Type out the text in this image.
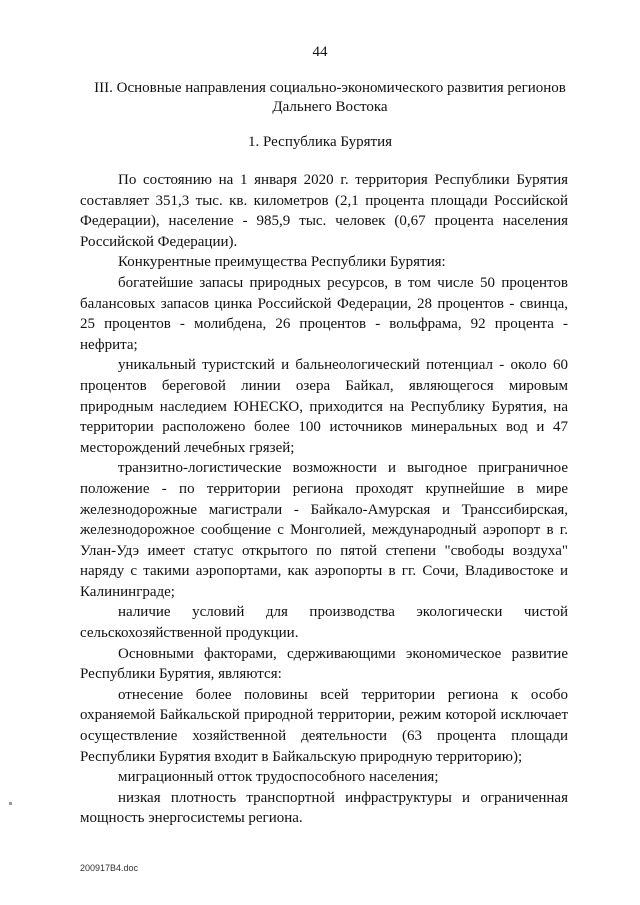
44
III. Основные направления социально-экономического развития регионов Дальнего Востока
1. Республика Бурятия

По состоянию на 1 января 2020 г. территория Республики Бурятия составляет 351,3 тыс. кв. километров (2,1 процента площади Российской Федерации), население - 985,9 тыс. человек (0,67 процента населения Российской Федерации).

Конкурентные преимущества Республики Бурятия:

богатейшие запасы природных ресурсов, в том числе 50 процентов балансовых запасов цинка Российской Федерации, 28 процентов - свинца, 25 процентов - молибдена, 26 процентов - вольфрама, 92 процента - нефрита;

уникальный туристский и бальнеологический потенциал - около 60 процентов береговой линии озера Байкал, являющегося мировым природным наследием ЮНЕСКО, приходится на Республику Бурятия, на территории расположено более 100 источников минеральных вод и 47 месторождений лечебных грязей;

транзитно-логистические возможности и выгодное приграничное положение - по территории региона проходят крупнейшие в мире железнодорожные магистрали - Байкало-Амурская и Транссибирская, железнодорожное сообщение с Монголией, международный аэропорт в г. Улан-Удэ имеет статус открытого по пятой степени "свободы воздуха" наряду с такими аэропортами, как аэропорты в гг. Сочи, Владивостоке и Калининграде;

наличие условий для производства экологически чистой сельскохозяйственной продукции.

Основными факторами, сдерживающими экономическое развитие Республики Бурятия, являются:

отнесение более половины всей территории региона к особо охраняемой Байкальской природной территории, режим которой исключает осуществление хозяйственной деятельности (63 процента площади Республики Бурятия входит в Байкальскую природную территорию);

миграционный отток трудоспособного населения;

низкая плотность транспортной инфраструктуры и ограниченная мощность энергосистемы региона.

200917В4.doc
